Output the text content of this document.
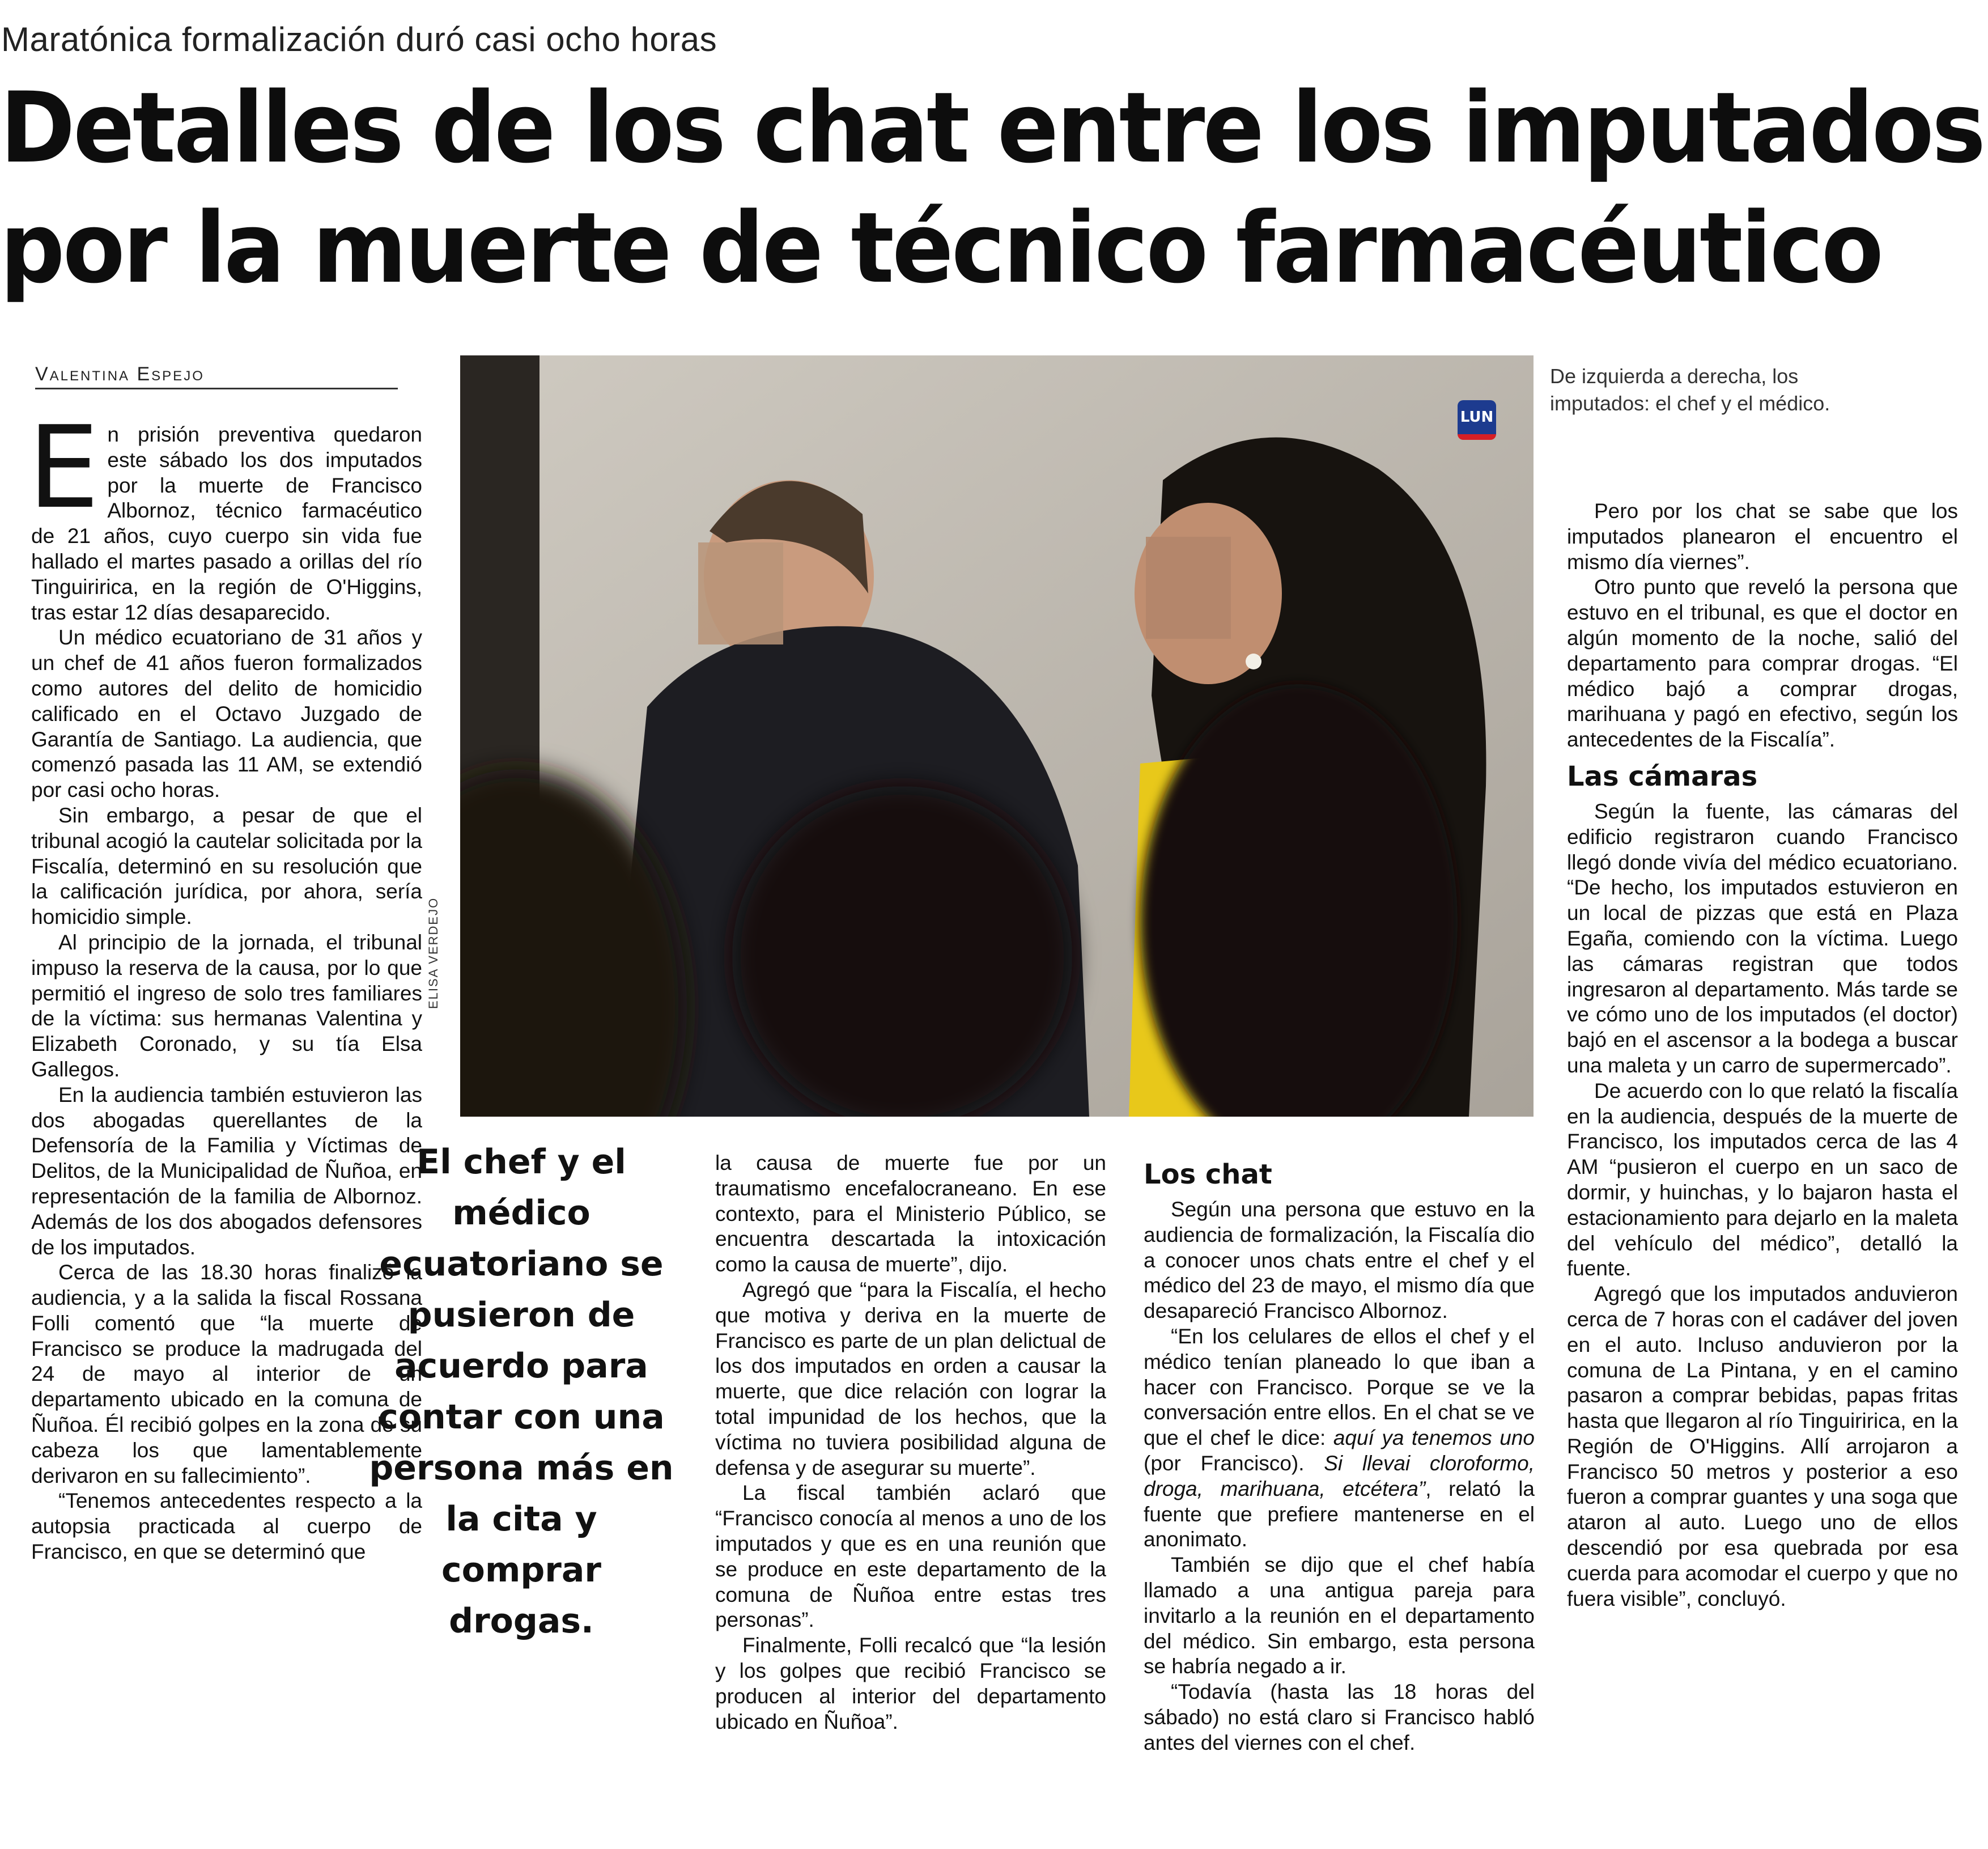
Maratónica formalización duró casi ocho horas
Detalles de los chat entre los imputados
por la muerte de técnico farmacéutico
Valentina Espejo

En prisión preventiva quedaron este sábado los dos imputados por la muerte de Francisco Albornoz, técnico farmacéutico de 21 años, cuyo cuerpo sin vida fue hallado el martes pasado a orillas del río Tinguiririca, en la región de O'Higgins, tras estar 12 días desaparecido.

Un médico ecuatoriano de 31 años y un chef de 41 años fueron formalizados como autores del delito de homicidio calificado en el Octavo Juzgado de Garantía de Santiago. La audiencia, que comenzó pasada las 11 AM, se extendió por casi ocho horas.

Sin embargo, a pesar de que el tribunal acogió la cautelar solicitada por la Fiscalía, determinó en su resolución que la calificación jurídica, por ahora, sería homicidio simple.

Al principio de la jornada, el tribunal impuso la reserva de la causa, por lo que permitió el ingreso de solo tres familiares de la víctima: sus hermanas Valentina y Elizabeth Coronado, y su tía Elsa Gallegos.

En la audiencia también estuvieron las dos abogadas querellantes de la Defensoría de la Familia y Víctimas de Delitos, de la Municipalidad de Ñuñoa, en representación de la familia de Albornoz. Además de los dos abogados defensores de los imputados.

Cerca de las 18.30 horas finalizó la audiencia, y a la salida la fiscal Rossana Folli comentó que “la muerte de Francisco se produce la madrugada del 24 de mayo al interior de un departamento ubicado en la comuna de Ñuñoa. Él recibió golpes en la zona de su cabeza los que lamentablemente derivaron en su fallecimiento”.

“Tenemos antecedentes respecto a la autopsia practicada al cuerpo de Francisco, en que se determinó que

LUN
ELISA VERDEJO
De izquierda a derecha, los imputados: el chef y el médico.
El chef y el médico ecuatoriano se pusieron de acuerdo para contar con una persona más en la cita y comprar drogas.

la causa de muerte fue por un traumatismo encefalocraneano. En ese contexto, para el Ministerio Público, se encuentra descartada la intoxicación como la causa de muerte”, dijo.

Agregó que “para la Fiscalía, el hecho que motiva y deriva en la muerte de Francisco es parte de un plan delictual de los dos imputados en orden a causar la muerte, que dice relación con lograr la total impunidad de los hechos, que la víctima no tuviera posibilidad alguna de defensa y de asegurar su muerte”.

La fiscal también aclaró que “Francisco conocía al menos a uno de los imputados y que es en una reunión que se produce en este departamento de la comuna de Ñuñoa entre estas tres personas”.

Finalmente, Folli recalcó que “la lesión y los golpes que recibió Francisco se producen al interior del departamento ubicado en Ñuñoa”.

Los chat

Según una persona que estuvo en la audiencia de formalización, la Fiscalía dio a conocer unos chats entre el chef y el médico del 23 de mayo, el mismo día que desapareció Francisco Albornoz.

“En los celulares de ellos el chef y el médico tenían planeado lo que iban a hacer con Francisco. Porque se ve la conversación entre ellos. En el chat se ve que el chef le dice: aquí ya tenemos uno (por Francisco). Si llevai cloroformo, droga, marihuana, etcétera”, relató la fuente que prefiere mantenerse en el anonimato.

También se dijo que el chef había llamado a una antigua pareja para invitarlo a la reunión en el departamento del médico. Sin embargo, esta persona se habría negado a ir.

“Todavía (hasta las 18 horas del sábado) no está claro si Francisco habló antes del viernes con el chef.

Pero por los chat se sabe que los imputados planearon el encuentro el mismo día viernes”.

Otro punto que reveló la persona que estuvo en el tribunal, es que el doctor en algún momento de la noche, salió del departamento para comprar drogas. “El médico bajó a comprar drogas, marihuana y pagó en efectivo, según los antecedentes de la Fiscalía”.

Las cámaras

Según la fuente, las cámaras del edificio registraron cuando Francisco llegó donde vivía del médico ecuatoriano. “De hecho, los imputados estuvieron en un local de pizzas que está en Plaza Egaña, comiendo con la víctima. Luego las cámaras registran que todos ingresaron al departamento. Más tarde se ve cómo uno de los imputados (el doctor) bajó en el ascensor a la bodega a buscar una maleta y un carro de supermercado”.

De acuerdo con lo que relató la fiscalía en la audiencia, después de la muerte de Francisco, los imputados cerca de las 4 AM “pusieron el cuerpo en un saco de dormir, y huinchas, y lo bajaron hasta el estacionamiento para dejarlo en la maleta del vehículo del médico”, detalló la fuente.

Agregó que los imputados anduvieron cerca de 7 horas con el cadáver del joven en el auto. Incluso anduvieron por la comuna de La Pintana, y en el camino pasaron a comprar bebidas, papas fritas hasta que llegaron al río Tinguiririca, en la Región de O'Higgins. Allí arrojaron a Francisco 50 metros y posterior a eso fueron a comprar guantes y una soga que ataron al auto. Luego uno de ellos descendió por esa quebrada por esa cuerda para acomodar el cuerpo y que no fuera visible”, concluyó.
